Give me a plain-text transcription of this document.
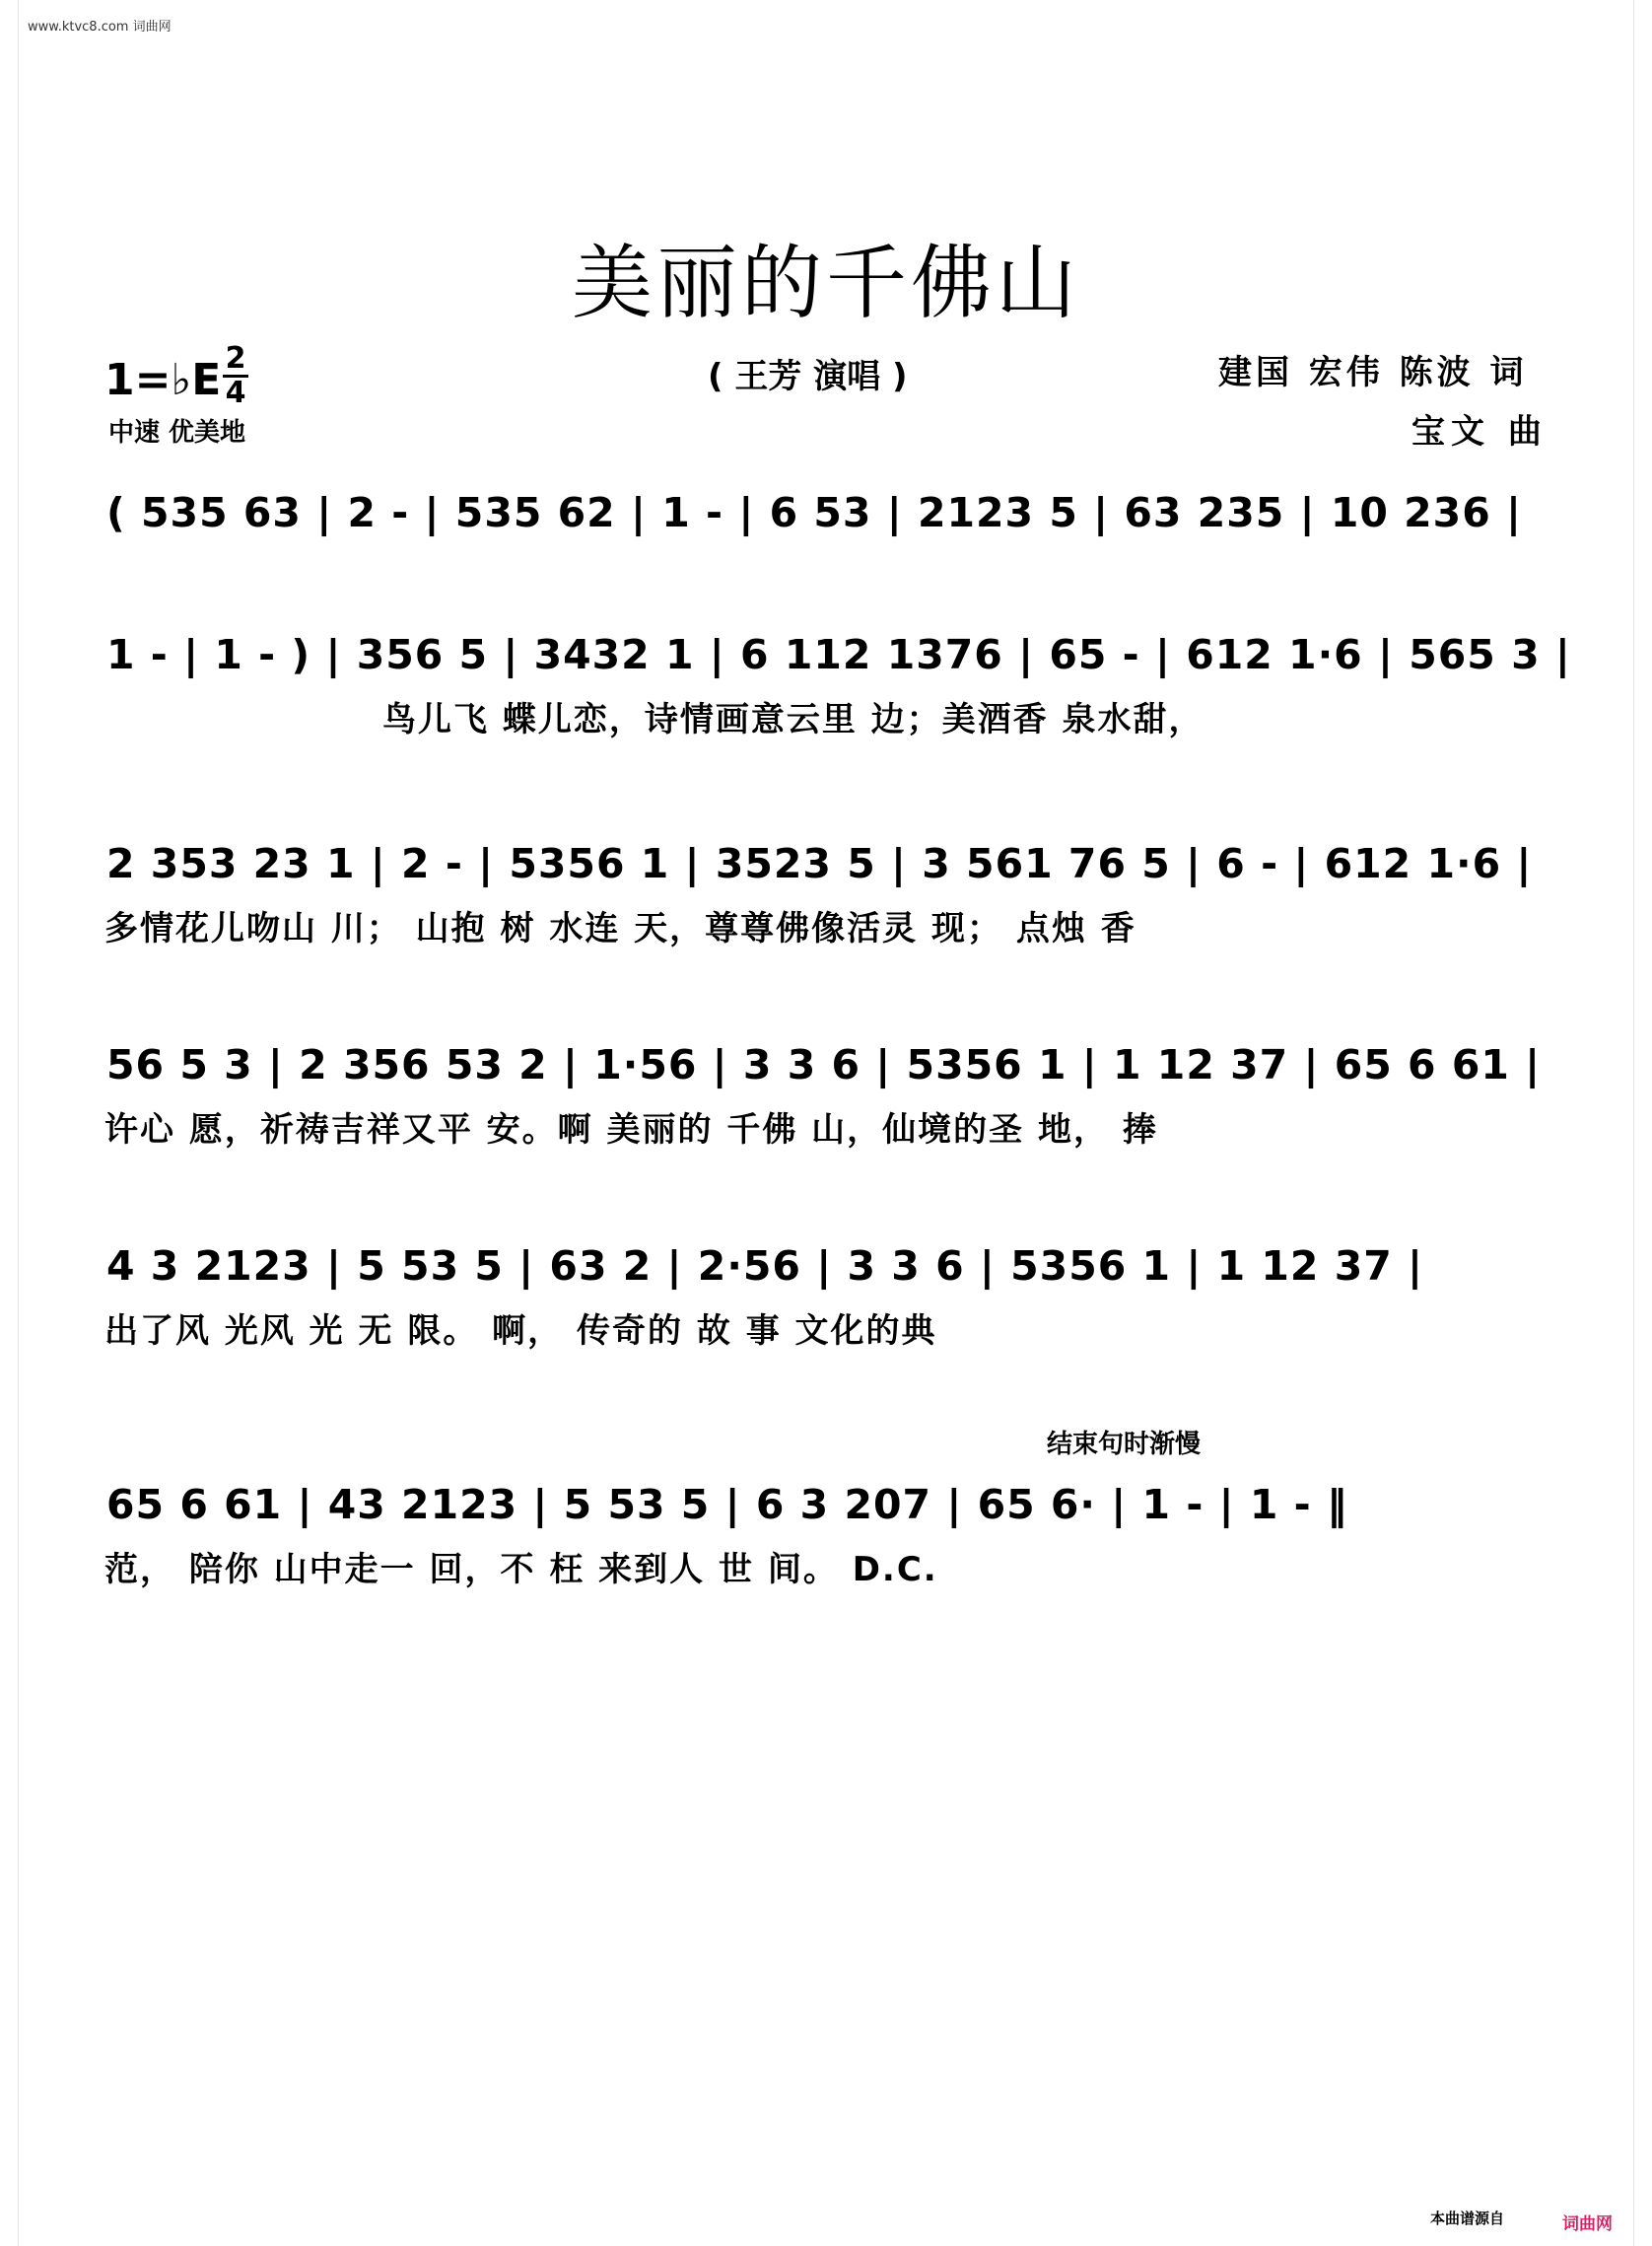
www.ktvc8.com 词曲网
美丽的千佛山
1=♭E 2
4
中速 优美地
( 王芳 演唱 )	建国 宏伟 陈波 词
宝文 曲
( 535 63 | 2 - | 535 62 | 1 - | 6 53 | 2123 5 | 63 235 | 10 236 |
1 - | 1 - ) | 356 5 | 3432 1 | 6 112 1376 | 65 - | 612 1·6 | 565 3 |
鸟儿飞 蝶儿恋，诗情画意云里 边；美酒香 泉水甜，
2 353 23 1 | 2 - | 5356 1 | 3523 5 | 3 561 76 5 | 6 - | 612 1·6 |
多情花儿吻山 川； 山抱 树 水连 天，尊尊佛像活灵 现； 点烛 香
56 5 3 | 2 356 53 2 | 1·56 | 3 3 6 | 5356 1 | 1 12 37 | 65 6 61 |
许心 愿，祈祷吉祥又平 安。啊 美丽的 千佛 山，仙境的圣 地， 捧
4 3 2123 | 5 53 5 | 63 2 | 2·56 | 3 3 6 | 5356 1 | 1 12 37 |
出了风 光风 光 无 限。 啊， 传奇的 故 事 文化的典
结束句时渐慢
65 6 61 | 43 2123 | 5 53 5 | 6 3 207 | 65 6· | 1 - | 1 - ‖
范， 陪你 山中走一 回，不 枉 来到人 世 间。 D.C.
本曲谱源自	词曲网
